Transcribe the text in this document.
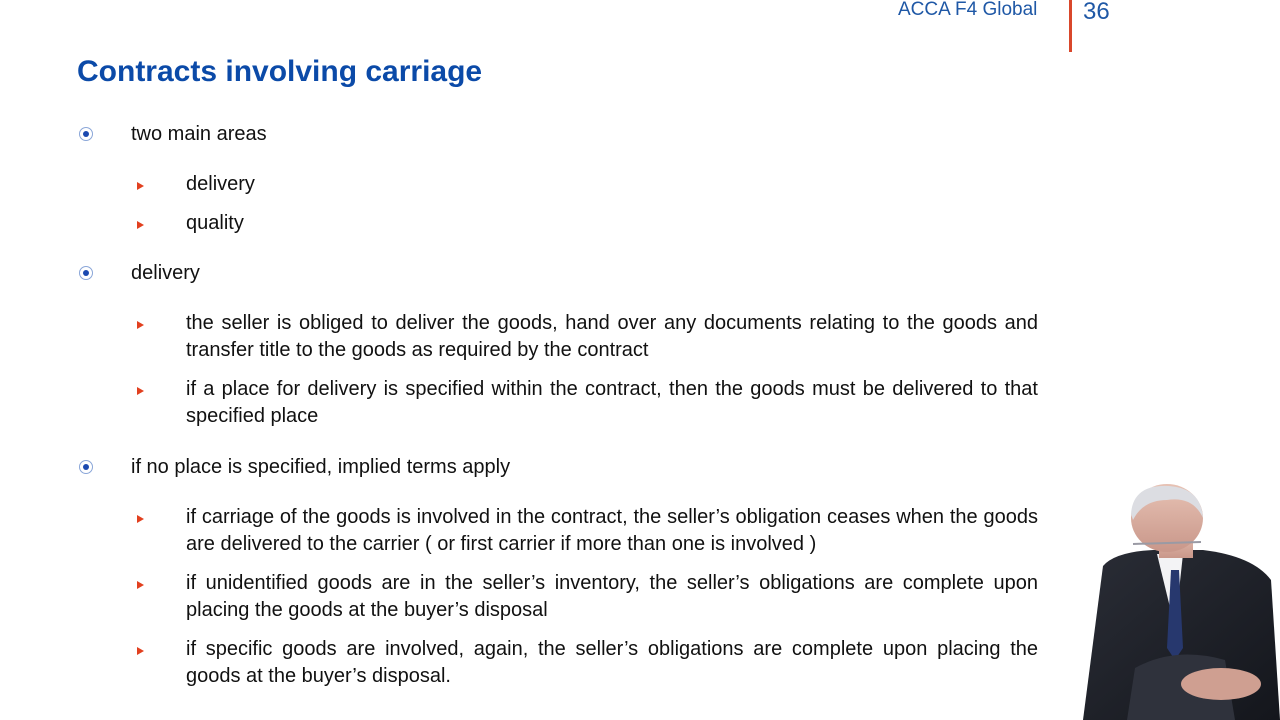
ACCA F4 Global 36
Contracts involving carriage
two main areas
delivery
quality
delivery
the seller is obliged to deliver the goods, hand over any documents relating to the goods and transfer title to the goods as required by the contract
if a place for delivery is specified within the contract, then the goods must be delivered to that specified place
if no place is specified, implied terms apply
if carriage of the goods is involved in the contract, the seller’s obligation ceases when the goods are delivered to the carrier ( or first carrier if more than one is involved )
if unidentified goods are in the seller’s inventory, the seller’s obligations are complete upon placing the goods at the buyer’s disposal
if specific goods are involved, again, the seller’s obligations are complete upon placing the goods at the buyer’s disposal.
